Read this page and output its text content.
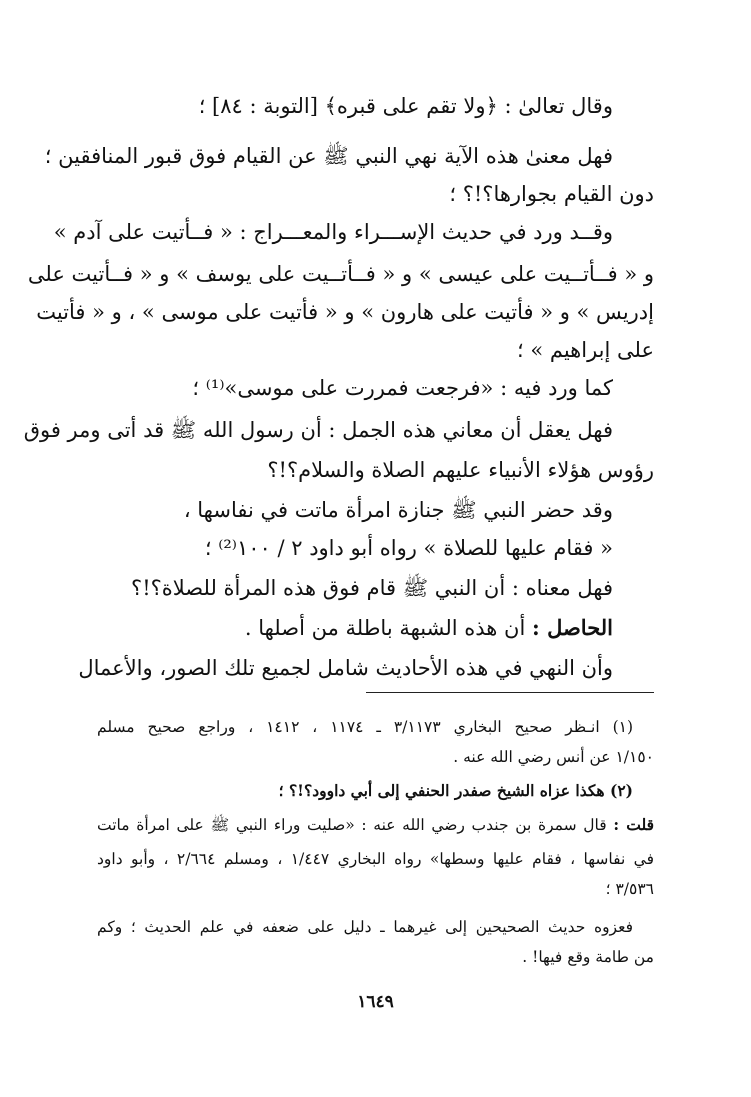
وقال تعالىٰ : ﴿ولا تقم على قبره﴾ [التوبة : ٨٤] ؛
فهل معنىٰ هذه الآية نهي النبي ﷺ عن القيام فوق قبور المنافقين ؛
دون القيام بجوارها؟!؟ ؛
وقــد ورد في حديث الإســـراء والمعـــراج : « فــأتيت على آدم »
و « فــأتــيت على عيسى » و « فــأتــيت على يوسف » و « فــأتيت على
إدريس » و « فأتيت على هارون » و « فأتيت على موسى » ، و « فأتيت
على إبراهيم » ؛
كما ورد فيه : «فرجعت فمررت على موسى»⁽¹⁾ ؛
فهل يعقل أن معاني هذه الجمل : أن رسول الله ﷺ قد أتى ومر فوق
رؤوس هؤلاء الأنبياء عليهم الصلاة والسلام؟!؟
وقد حضر النبي ﷺ جنازة امرأة ماتت في نفاسها ،
« فقام عليها للصلاة » رواه أبو داود ٢ / ١٠٠⁽²⁾ ؛
فهل معناه : أن النبي ﷺ قام فوق هذه المرأة للصلاة؟!؟
الحاصل : أن هذه الشبهة باطلة من أصلها .
وأن النهي في هذه الأحاديث شامل لجميع تلك الصور، والأعمال
(١) انـظر صحيح البخاري ٣/١١٧٣ ـ ١١٧٤ ، ١٤١٢ ، وراجع صحيح مسلم
١/١٥٠ عن أنس رضي الله عنه .
(٢) هكذا عزاه الشيخ صفدر الحنفي إلى أبي داوود؟!؟ ؛
قلت : قال سمرة بن جندب رضي الله عنه : «صليت وراء النبي ﷺ على امرأة ماتت
في نفاسها ، فقام عليها وسطها» رواه البخاري ١/٤٤٧ ، ومسلم ٢/٦٦٤ ، وأبو داود
٣/٥٣٦ ؛
فعزوه حديث الصحيحين إلى غيرهما ـ دليل على ضعفه في علم الحديث ؛ وكم
من طامة وقع فيها! .
١٦٤٩
